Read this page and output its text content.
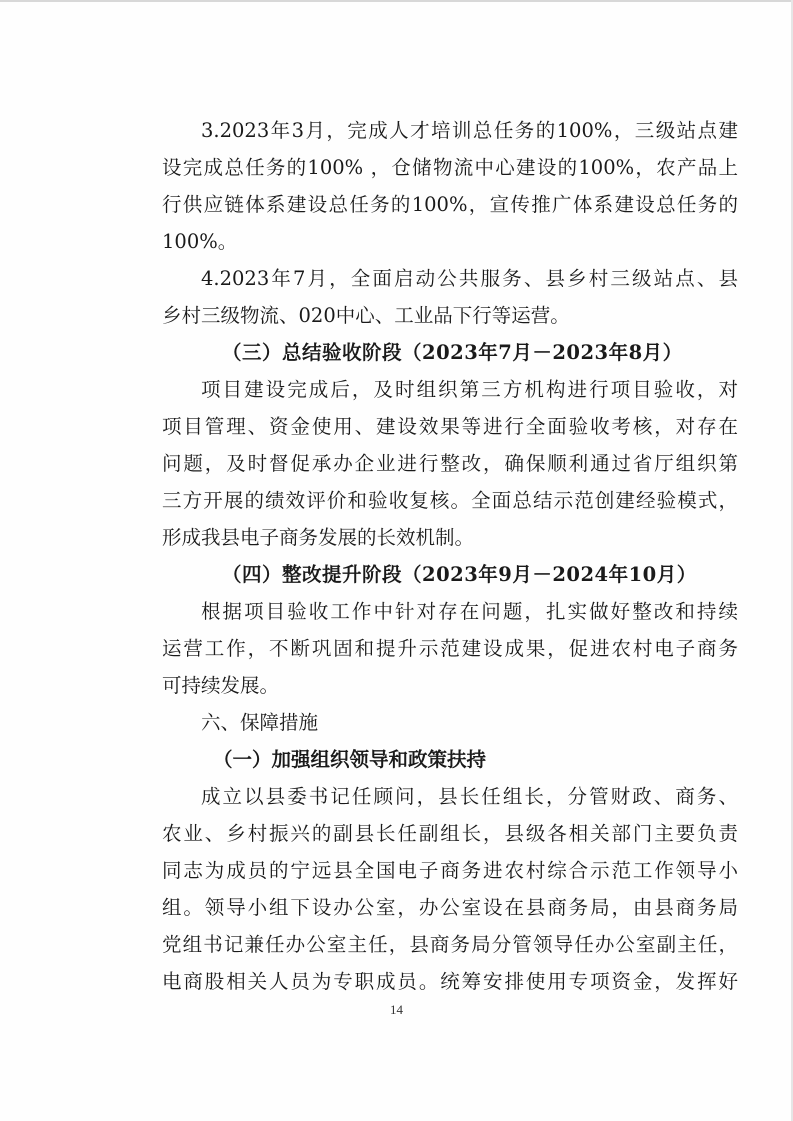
3.2023年3月，完成人才培训总任务的100%，三级站点建
设完成总任务的100% ，仓储物流中心建设的100%，农产品上
行供应链体系建设总任务的100%，宣传推广体系建设总任务的
100%。
4.2023年7月，全面启动公共服务、县乡村三级站点、县
乡村三级物流、020中心、工业品下行等运营。
（三）总结验收阶段（2023年7月－2023年8月）
项目建设完成后，及时组织第三方机构进行项目验收，对
项目管理、资金使用、建设效果等进行全面验收考核，对存在
问题，及时督促承办企业进行整改，确保顺利通过省厅组织第
三方开展的绩效评价和验收复核。全面总结示范创建经验模式，
形成我县电子商务发展的长效机制。
（四）整改提升阶段（2023年9月－2024年10月）
根据项目验收工作中针对存在问题，扎实做好整改和持续
运营工作，不断巩固和提升示范建设成果，促进农村电子商务
可持续发展。
六、保障措施
（一）加强组织领导和政策扶持
成立以县委书记任顾问，县长任组长，分管财政、商务、
农业、乡村振兴的副县长任副组长，县级各相关部门主要负责
同志为成员的宁远县全国电子商务进农村综合示范工作领导小
组。领导小组下设办公室，办公室设在县商务局，由县商务局
党组书记兼任办公室主任，县商务局分管领导任办公室副主任，
电商股相关人员为专职成员。统筹安排使用专项资金，发挥好
14
